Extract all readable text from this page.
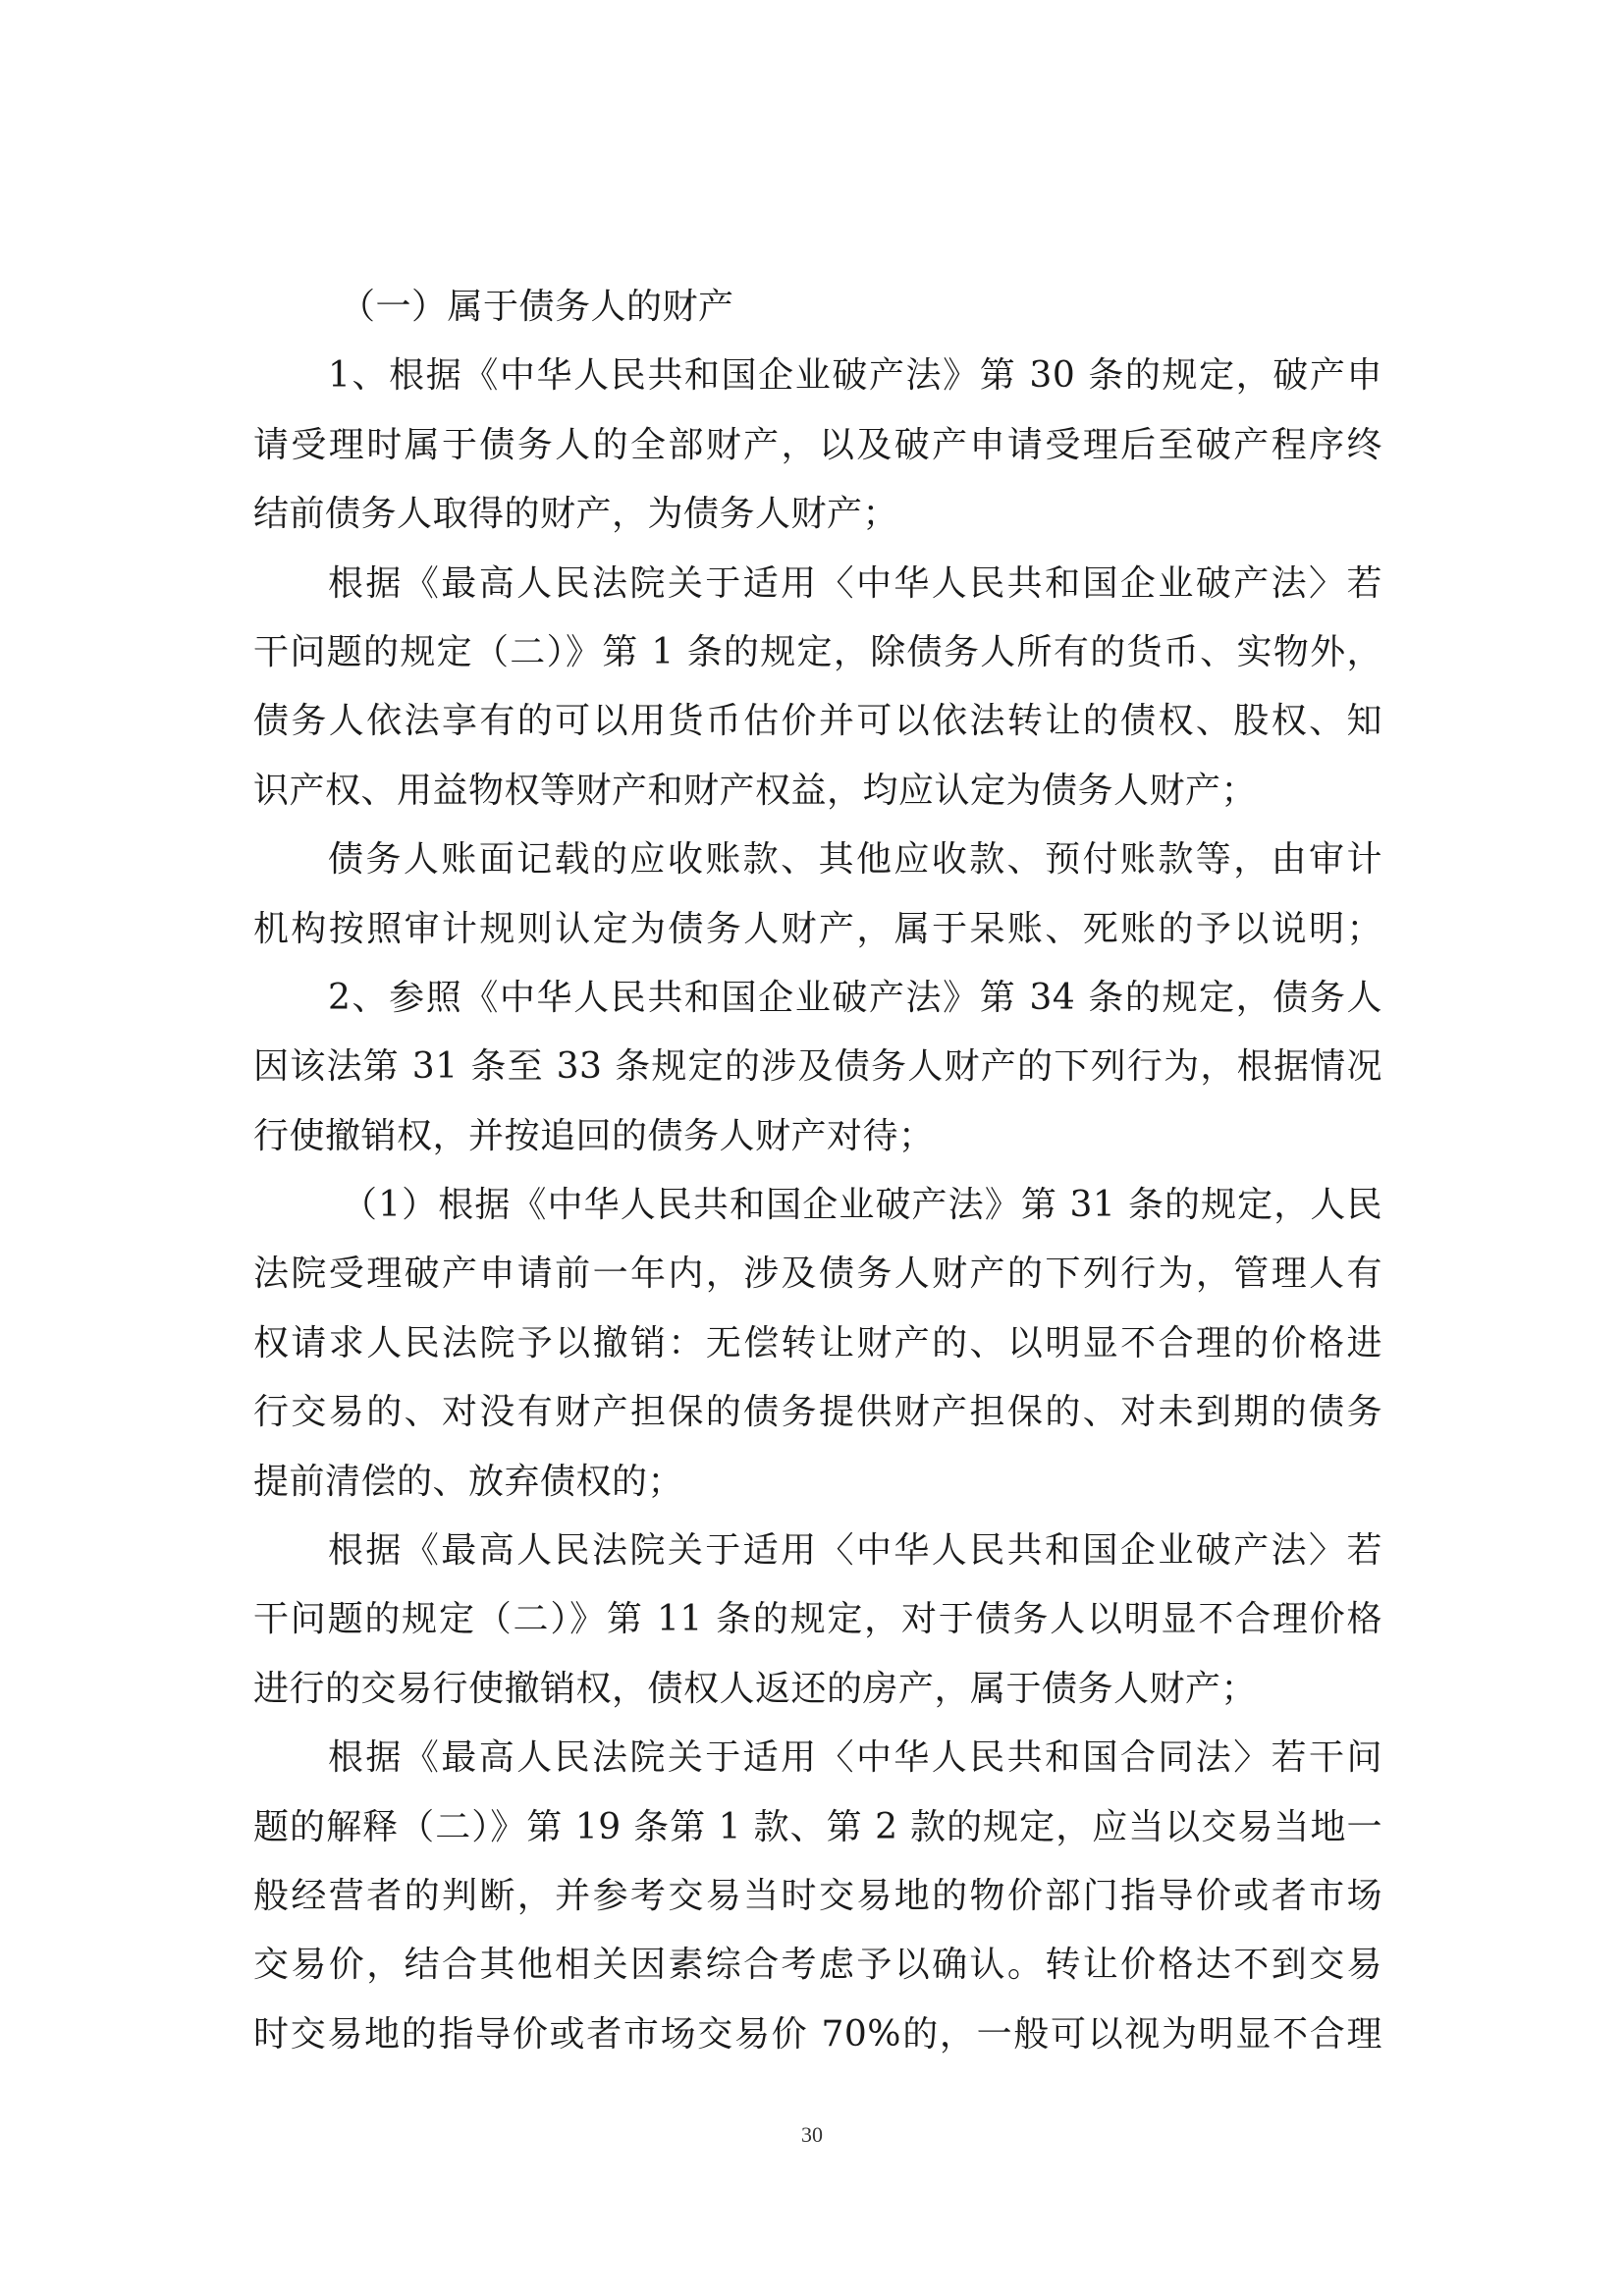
（一）属于债务人的财产
1、根据《中华人民共和国企业破产法》第 30 条的规定，破产申
请受理时属于债务人的全部财产，以及破产申请受理后至破产程序终
结前债务人取得的财产，为债务人财产；
根据《最高人民法院关于适用〈中华人民共和国企业破产法〉若
干问题的规定（二）》第 1 条的规定，除债务人所有的货币、实物外，
债务人依法享有的可以用货币估价并可以依法转让的债权、股权、知
识产权、用益物权等财产和财产权益，均应认定为债务人财产；
债务人账面记载的应收账款、其他应收款、预付账款等，由审计
机构按照审计规则认定为债务人财产，属于呆账、死账的予以说明；
2、参照《中华人民共和国企业破产法》第 34 条的规定，债务人
因该法第 31 条至 33 条规定的涉及债务人财产的下列行为，根据情况
行使撤销权，并按追回的债务人财产对待；
（1）根据《中华人民共和国企业破产法》第 31 条的规定，人民
法院受理破产申请前一年内，涉及债务人财产的下列行为，管理人有
权请求人民法院予以撤销：无偿转让财产的、以明显不合理的价格进
行交易的、对没有财产担保的债务提供财产担保的、对未到期的债务
提前清偿的、放弃债权的；
根据《最高人民法院关于适用〈中华人民共和国企业破产法〉若
干问题的规定（二）》第 11 条的规定，对于债务人以明显不合理价格
进行的交易行使撤销权，债权人返还的房产，属于债务人财产；
根据《最高人民法院关于适用〈中华人民共和国合同法〉若干问
题的解释（二）》第 19 条第 1 款、第 2 款的规定，应当以交易当地一
般经营者的判断，并参考交易当时交易地的物价部门指导价或者市场
交易价，结合其他相关因素综合考虑予以确认。转让价格达不到交易
时交易地的指导价或者市场交易价 70%的，一般可以视为明显不合理
30
